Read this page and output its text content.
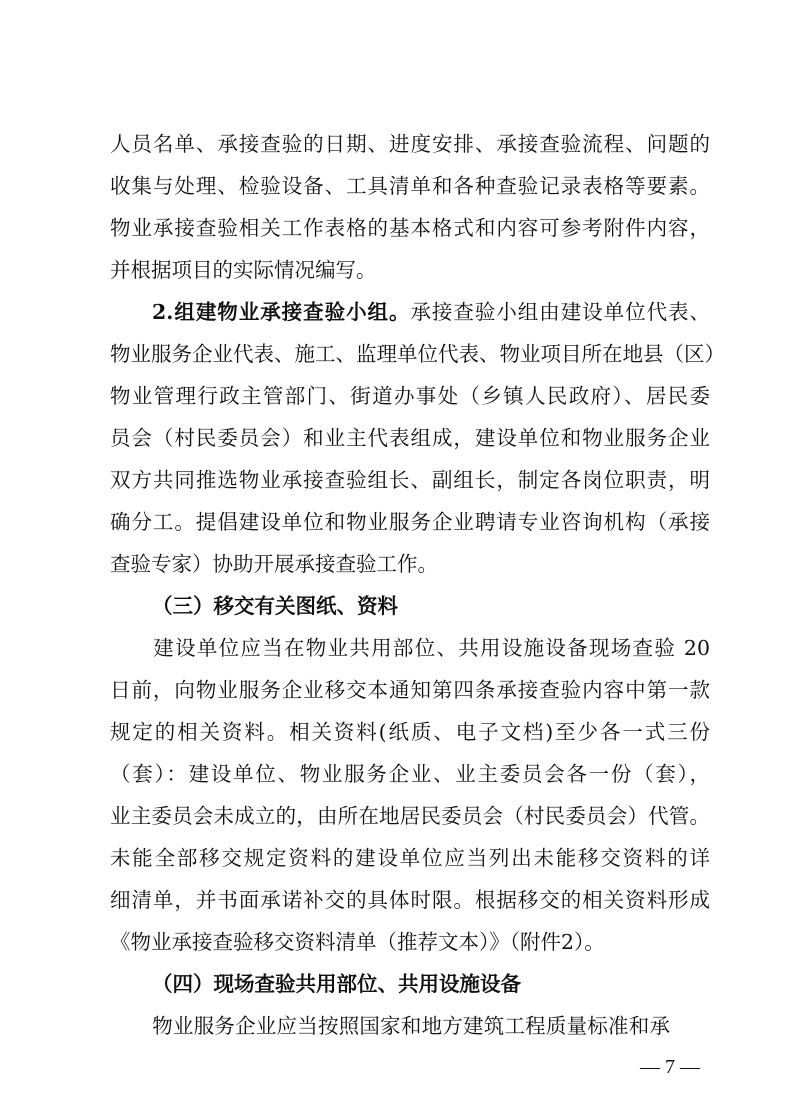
人员名单、承接查验的日期、进度安排、承接查验流程、问题的
收集与处理、检验设备、工具清单和各种查验记录表格等要素。
物业承接查验相关工作表格的基本格式和内容可参考附件内容，
并根据项目的实际情况编写。
2.组建物业承接查验小组。承接查验小组由建设单位代表、
物业服务企业代表、施工、监理单位代表、物业项目所在地县（区）
物业管理行政主管部门、街道办事处（乡镇人民政府）、居民委
员会（村民委员会）和业主代表组成，建设单位和物业服务企业
双方共同推选物业承接查验组长、副组长，制定各岗位职责，明
确分工。提倡建设单位和物业服务企业聘请专业咨询机构（承接
查验专家）协助开展承接查验工作。
（三）移交有关图纸、资料
建设单位应当在物业共用部位、共用设施设备现场查验 20
日前，向物业服务企业移交本通知第四条承接查验内容中第一款
规定的相关资料。相关资料(纸质、电子文档)至少各一式三份
（套）：建设单位、物业服务企业、业主委员会各一份（套），
业主委员会未成立的，由所在地居民委员会（村民委员会）代管。
未能全部移交规定资料的建设单位应当列出未能移交资料的详
细清单，并书面承诺补交的具体时限。根据移交的相关资料形成
《物业承接查验移交资料清单（推荐文本）》（附件2）。
（四）现场查验共用部位、共用设施设备
物业服务企业应当按照国家和地方建筑工程质量标准和承
— 7 —
